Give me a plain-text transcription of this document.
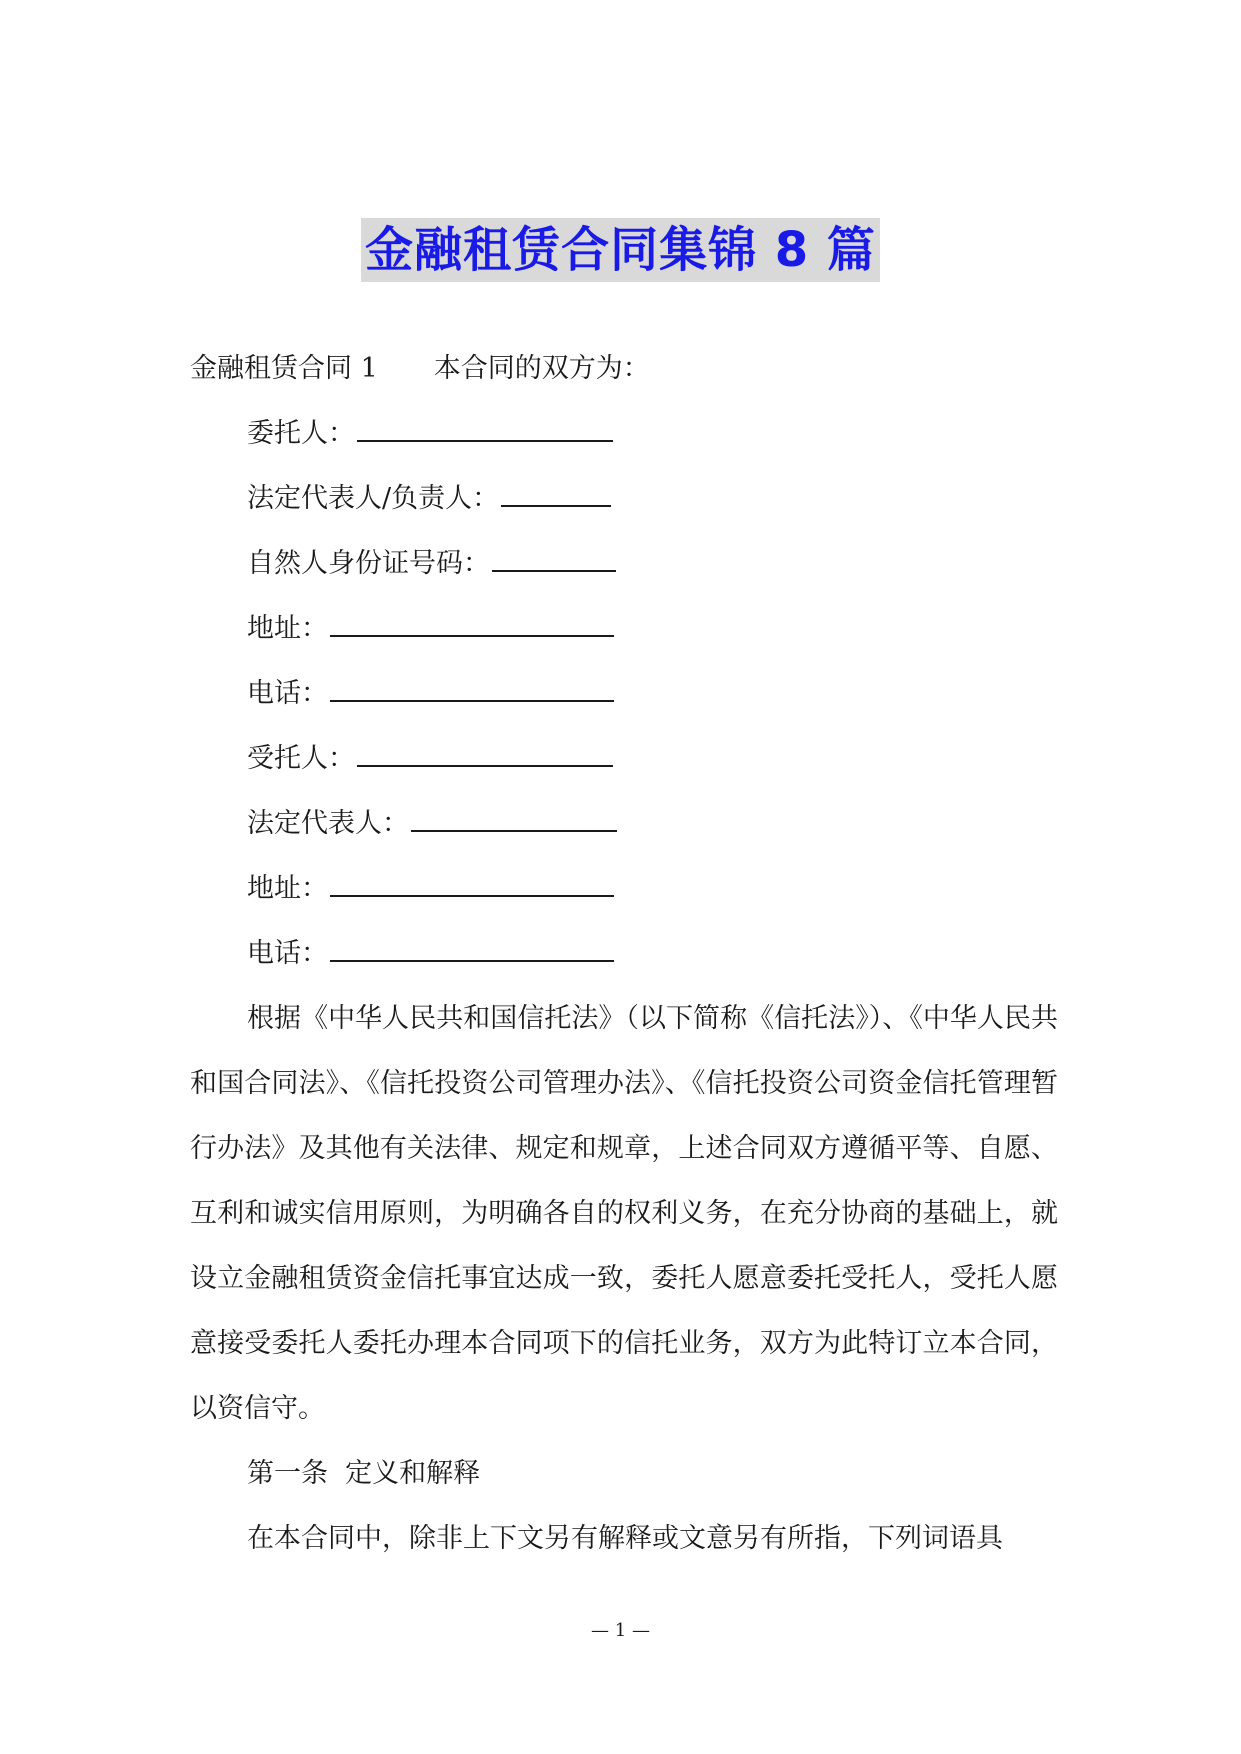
金融租赁合同集锦 8 篇
金融租赁合同 1 本合同的双方为：
委托人：
法定代表人/负责人：
自然人身份证号码：
地址：
电话：
受托人：
法定代表人：
地址：
电话：
根据《中华人民共和国信托法》（以下简称《信托法》）、《中华人民共和国合同法》、《信托投资公司管理办法》、《信托投资公司资金信托管理暂行办法》及其他有关法律、规定和规章，上述合同双方遵循平等、自愿、互利和诚实信用原则，为明确各自的权利义务，在充分协商的基础上，就设立金融租赁资金信托事宜达成一致，委托人愿意委托受托人，受托人愿意接受委托人委托办理本合同项下的信托业务，双方为此特订立本合同，以资信守。
第一条  定义和解释
在本合同中，除非上下文另有解释或文意另有所指，下列词语具
— 1 —
